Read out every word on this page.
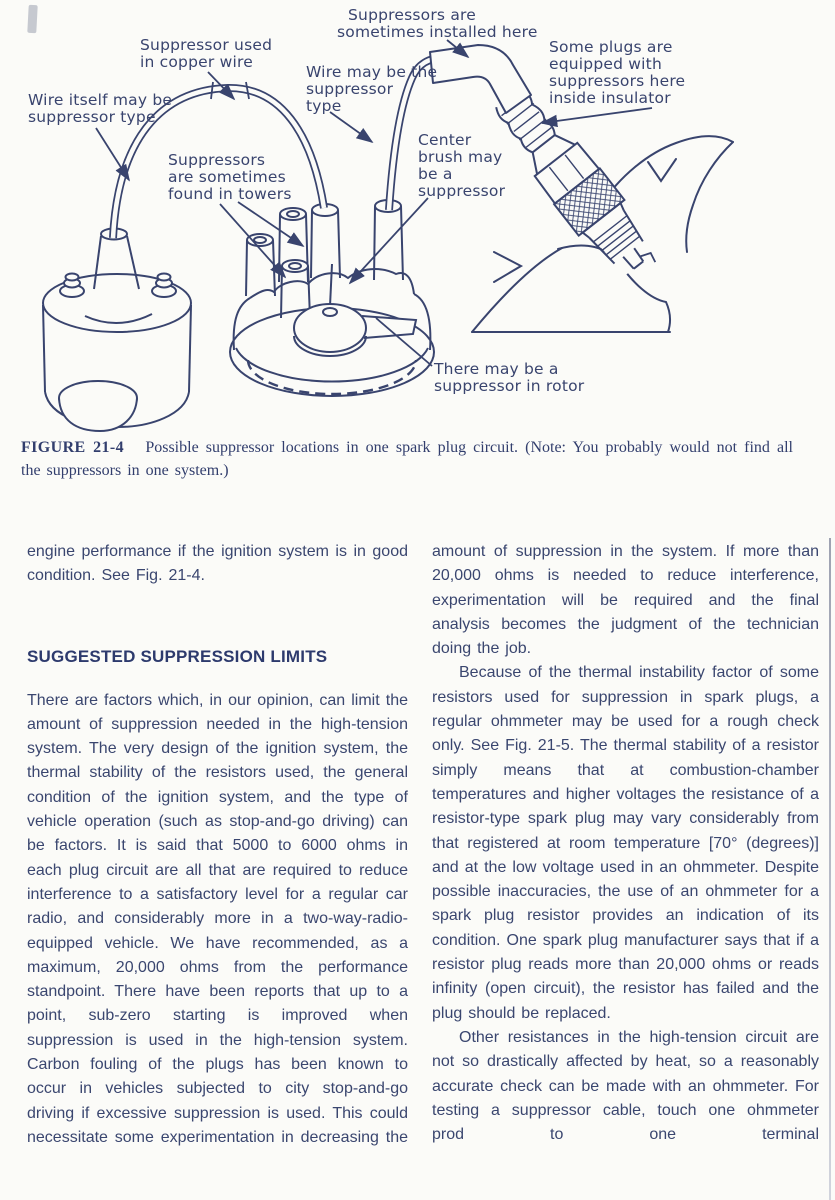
Suppressors are
sometimes installed here
Suppressor used
in copper wire
Some plugs are
equipped with
suppressors here
inside insulator
Wire may be the
suppressor
type
Wire itself may be
suppressor type
Center
brush may
be a
suppressor
Suppressors
are sometimes
found in towers
There may be a
suppressor in rotor
FIGURE 21-4 Possible suppressor locations in one spark plug circuit. (Note: You probably would not find all the suppressors in one system.)

engine performance if the ignition system is in good condition. See Fig. 21-4.

SUGGESTED SUPPRESSION LIMITS

There are factors which, in our opinion, can limit the amount of suppression needed in the high-tension system. The very design of the ignition system, the thermal stability of the resistors used, the general condition of the ignition system, and the type of vehicle operation (such as stop-and-go driving) can be factors. It is said that 5000 to 6000 ohms in each plug circuit are all that are required to reduce interference to a satisfactory level for a regular car radio, and considerably more in a two-way-radio-equipped vehicle. We have recommended, as a maximum, 20,000 ohms from the performance standpoint. There have been reports that up to a point, sub-zero starting is improved when suppression is used in the high-tension system. Carbon fouling of the plugs has been known to occur in vehicles subjected to city stop-and-go driving if excessive suppression is used. This could necessitate some experimentation in decreasing the

amount of suppression in the system. If more than 20,000 ohms is needed to reduce interference, experimentation will be required and the final analysis becomes the judgment of the technician doing the job.

Because of the thermal instability factor of some resistors used for suppression in spark plugs, a regular ohmmeter may be used for a rough check only. See Fig. 21-5. The thermal stability of a resistor simply means that at combustion-chamber temperatures and higher voltages the resistance of a resistor-type spark plug may vary considerably from that registered at room temperature [70° (degrees)] and at the low voltage used in an ohmmeter. Despite possible inaccuracies, the use of an ohmmeter for a spark plug resistor provides an indication of its condition. One spark plug manufacturer says that if a resistor plug reads more than 20,000 ohms or reads infinity (open circuit), the resistor has failed and the plug should be replaced.

Other resistances in the high-tension circuit are not so drastically affected by heat, so a reasonably accurate check can be made with an ohmmeter. For testing a suppressor cable, touch one ohmmeter prod to one terminal
